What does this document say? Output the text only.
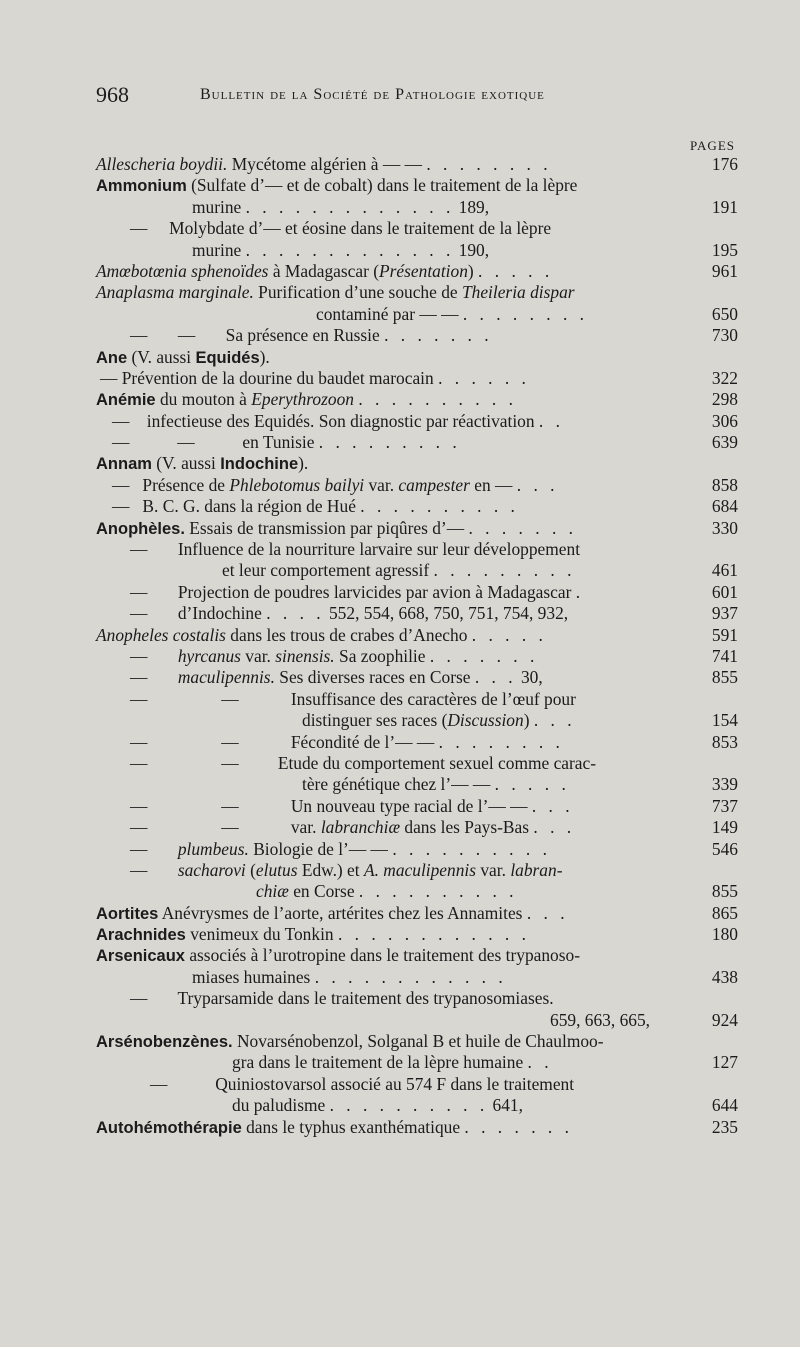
968	Bulletin de la Société de Pathologie exotique
PAGES
Allescheria boydii. Mycétome algérien à — — . . . . . . . .	176
Ammonium (Sulfate d’— et de cobalt) dans le traitement de la lèpre
murine . . . . . . . . . . . . . 189,	191
—     Molybdate d’— et éosine dans le traitement de la lèpre
murine . . . . . . . . . . . . . 190,	195
Amœbotœnia sphenoïdes à Madagascar (Présentation) . . . . .	961
Anaplasma marginale. Purification d’une souche de Theileria dispar
contaminé par — — . . . . . . . .	650
—       —       Sa présence en Russie . . . . . . .	730
Ane (V. aussi Equidés).
— Prévention de la dourine du baudet marocain . . . . . .	322
Anémie du mouton à Eperythrozoon . . . . . . . . . .	298
—    infectieuse des Equidés. Son diagnostic par réactivation . .	306
—           —           en Tunisie . . . . . . . . .	639
Annam (V. aussi Indochine).
—   Présence de Phlebotomus bailyi var. campester en — . . .	858
—   B. C. G. dans la région de Hué . . . . . . . . . .	684
Anophèles. Essais de transmission par piqûres d’— . . . . . . .	330
—       Influence de la nourriture larvaire sur leur développement
et leur comportement agressif . . . . . . . . .	461
—       Projection de poudres larvicides par avion à Madagascar .	601
—       d’Indochine . . . . 552, 554, 668, 750, 751, 754, 932,	937
Anopheles costalis dans les trous de crabes d’Anecho . . . . .	591
—       hyrcanus var. sinensis. Sa zoophilie . . . . . . .	741
—       maculipennis. Ses diverses races en Corse . . . 30,	855
—                 —            Insuffisance des caractères de l’œuf pour
distinguer ses races (Discussion) . . .	154
—                 —            Fécondité de l’— — . . . . . . . .	853
—                 —         Etude du comportement sexuel comme carac-
tère génétique chez l’— — . . . . .	339
—                 —            Un nouveau type racial de l’— — . . .	737
—                 —            var. labranchiæ dans les Pays-Bas . . .	149
—       plumbeus. Biologie de l’— — . . . . . . . . . .	546
—       sacharovi (elutus Edw.) et A. maculipennis var. labran-
chiæ en Corse . . . . . . . . . .	855
Aortites Anévrysmes de l’aorte, artérites chez les Annamites . . .	865
Arachnides venimeux du Tonkin . . . . . . . . . . . .	180
Arsenicaux associés à l’urotropine dans le traitement des trypanoso-
miases humaines . . . . . . . . . . . .	438
—       Tryparsamide dans le traitement des trypanosomiases.
659, 663, 665,	924
Arsénobenzènes. Novarsénobenzol, Solganal B et huile de Chaulmoo-
gra dans le traitement de la lèpre humaine . .	127
—           Quiniostovarsol associé au 574 F dans le traitement
du paludisme . . . . . . . . . . 641,	644
Autohémothérapie dans le typhus exanthématique . . . . . . .	235
